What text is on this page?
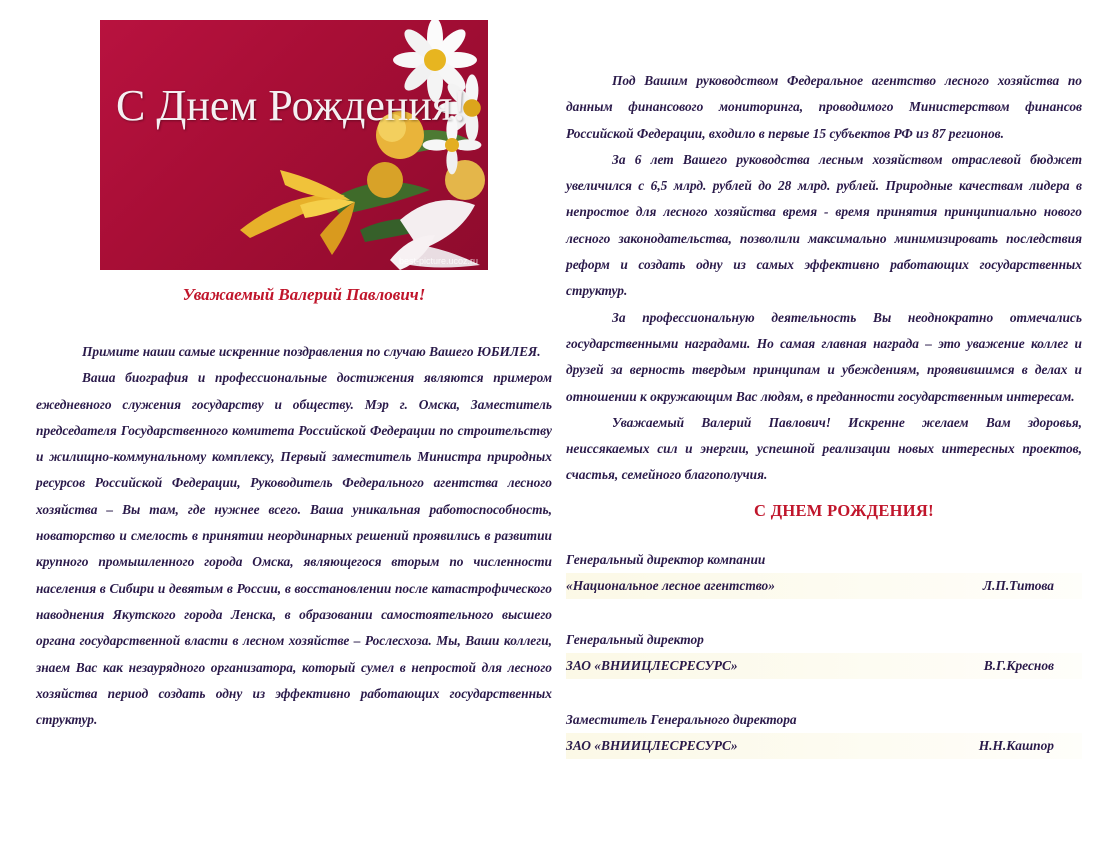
С Днем Рождения!
best-picture.ucoz.ru
Уважаемый Валерий Павлович!

Примите наши самые искренние поздравления по случаю Вашего ЮБИЛЕЯ.

Ваша биография и профессиональные достижения являются примером ежедневного служения государству и обществу. Мэр г. Омска, Заместитель председателя Государственного комитета Российской Федерации по строительству и жилищно-коммунальному комплексу, Первый заместитель Министра природных ресурсов Российской Федерации, Руководитель Федерального агентства лесного хозяйства – Вы там, где нужнее всего. Ваша уникальная работоспособность, новаторство и смелость в принятии неординарных решений проявились в развитии крупного промышленного города Омска, являющегося вторым по численности населения в Сибири и девятым в России, в восстановлении после катастрофического наводнения Якутского города Ленска, в образовании самостоятельного высшего органа государственной власти в лесном хозяйстве – Рослесхоза. Мы, Ваши коллеги, знаем Вас как незаурядного организатора, который сумел в непростой для лесного хозяйства период создать одну из эффективно работающих государственных структур.

Под Вашим руководством Федеральное агентство лесного хозяйства по данным финансового мониторинга, проводимого Министерством финансов Российской Федерации, входило в первые 15 субъектов РФ из 87 регионов.

За 6 лет Вашего руководства лесным хозяйством отраслевой бюджет увеличился с 6,5 млрд. рублей до 28 млрд. рублей. Природные качествам лидера в непростое для лесного хозяйства время - время принятия принципиально нового лесного законодательства, позволили максимально минимизировать последствия реформ и создать одну из самых эффективно работающих государственных структур.

За профессиональную деятельность Вы неоднократно отмечались государственными наградами. Но самая главная награда – это уважение коллег и друзей за верность твердым принципам и убеждениям, проявившимся в делах и отношении к окружающим Вас людям, в преданности государственным интересам.

Уважаемый Валерий Павлович! Искренне желаем Вам здоровья, неиссякаемых сил и энергии, успешной реализации новых интересных проектов, счастья, семейного благополучия.

С ДНЕМ РОЖДЕНИЯ!
Генеральный директор компании
«Национальное лесное агентство»	Л.П.Титова
Генеральный директор
ЗАО «ВНИИЦЛЕСРЕСУРС»	В.Г.Креснов
Заместитель Генерального директора
ЗАО «ВНИИЦЛЕСРЕСУРС»	Н.Н.Кашпор
